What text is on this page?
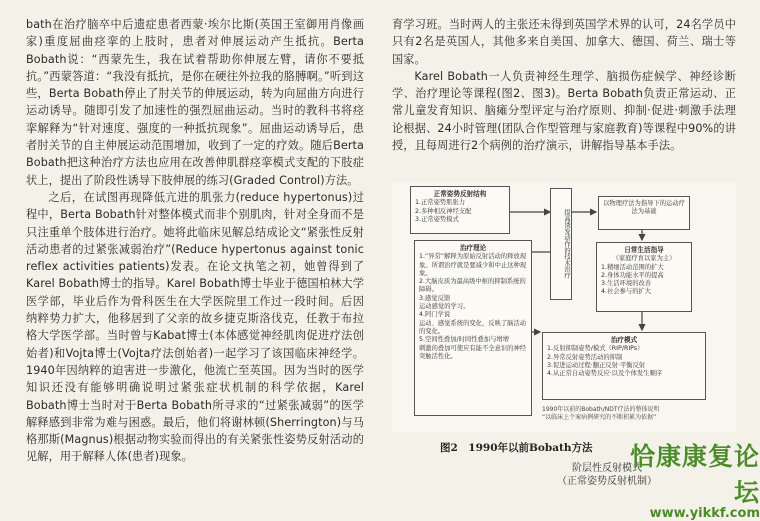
bath在治疗脑卒中后遗症患者西蒙·埃尔比斯(英国王室御用肖像画家)重度屈曲痉挛的上肢时，患者对伸展运动产生抵抗。Berta Bobath说：“西蒙先生，我在试着帮助你伸展左臂，请你不要抵抗。”西蒙答道：“我没有抵抗，是你在硬往外拉我的胳膊啊。”听到这些，Berta Bobath停止了肘关节的伸展运动，转为向屈曲方向进行运动诱导。随即引发了加速性的强烈屈曲运动。当时的教科书将痉挛解释为“针对速度、强度的一种抵抗现象”。屈曲运动诱导后，患者肘关节的自主伸展运动范围增加，收到了一定的疗效。随后Berta Bobath把这种治疗方法也应用在改善伸肌群痉挛模式支配的下肢症状上，提出了阶段性诱导下肢伸展的练习(Graded Control)方法。

之后，在试图再现降低亢进的肌张力(reduce hypertonus)过程中，Berta Bobath针对整体模式而非个别肌肉，针对全身而不是只注重单个肢体进行治疗。她将此临床见解总结成论文“紧张性反射活动患者的过紧张减弱治疗”(Reduce hypertonus against tonic reflex activities patients)发表。在论文执笔之初，她曾得到了Karel Bobath博士的指导。Karel Bobath博士毕业于德国柏林大学医学部，毕业后作为骨科医生在大学医院里工作过一段时间。后因纳粹势力扩大，他移居到了父亲的故乡捷克斯洛伐克，任教于布拉格大学医学部。当时曾与Kabat博士(本体感觉神经肌肉促进疗法创始者)和Vojta博士(Vojta疗法创始者)一起学习了该国临床神经学。1940年因纳粹的迫害进一步激化，他流亡至英国。因为当时的医学知识还没有能够明确说明过紧张症状机制的科学依据，Karel Bobath博士当时对于Berta Bobath所寻求的“过紧张减弱”的医学解释感到非常为难与困惑。最后，他们将谢林顿(Sherrington)与马格那斯(Magnus)根据动物实验而得出的有关紧张性姿势反射活动的见解，用于解释人体(患者)现象。

育学习班。当时两人的主张还未得到英国学术界的认可，24名学员中只有2名是英国人，其他多来自美国、加拿大、德国、荷兰、瑞士等国家。

Karel Bobath一人负责神经生理学、脑损伤症候学、神经诊断学、治疗理论等课程(图2、图3)。Berta Bobath负责正常运动、正常儿童发育知识、脑瘫分型评定与治疗原则、抑制·促进·刺激手法理论根据、24小时管理(团队合作型管理与家庭教育)等课程中90%的讲授，且每周进行2个病例的治疗演示，讲解指导基本手法。

正常姿势反射结构
1.正常姿势肌张力
2.多种相反神经支配
3.正常姿势模式	提高诱发动作的技术治疗
以物理疗法为指导下的运动疗法为基础
治疗理论
1.“异常”解释为原始反射活动的释放现象。所谓治疗就是要减少和中止这种现象。
2.大脑皮质为最高级中枢的抑制系统的障碍。
3.感觉反馈
运动感觉的学习。
4.阿门学说
运动、感觉系统的变化，反映了脑活动的变化。
5.空间性叠加/时间性叠加与增增
刺激的叠加可使应有能不全意识的神经突触活性化。
日常生活指导
（家庭疗育以家为主）
1.精细活动范围的扩大
2.身体功能水平的提高
3.生活环境的改善
4.社会参与的扩大
治疗模式
1.反射抑制姿势/模式（RIP/RIPs）
2.异常反射姿势活动的抑制
3.促进运动过程·翻正反射·平衡反射
4.从正常自动姿势反应·以及个体发生顺序
1990年以前的Bobath/NDT疗法的整体说明
“以临床上个案病例研究的不断积累为依据”
图2　1990年以前Bobath方法
阶层性反射模式
（正常姿势反射机制）
恰康康复论坛
www.yikkf.com
